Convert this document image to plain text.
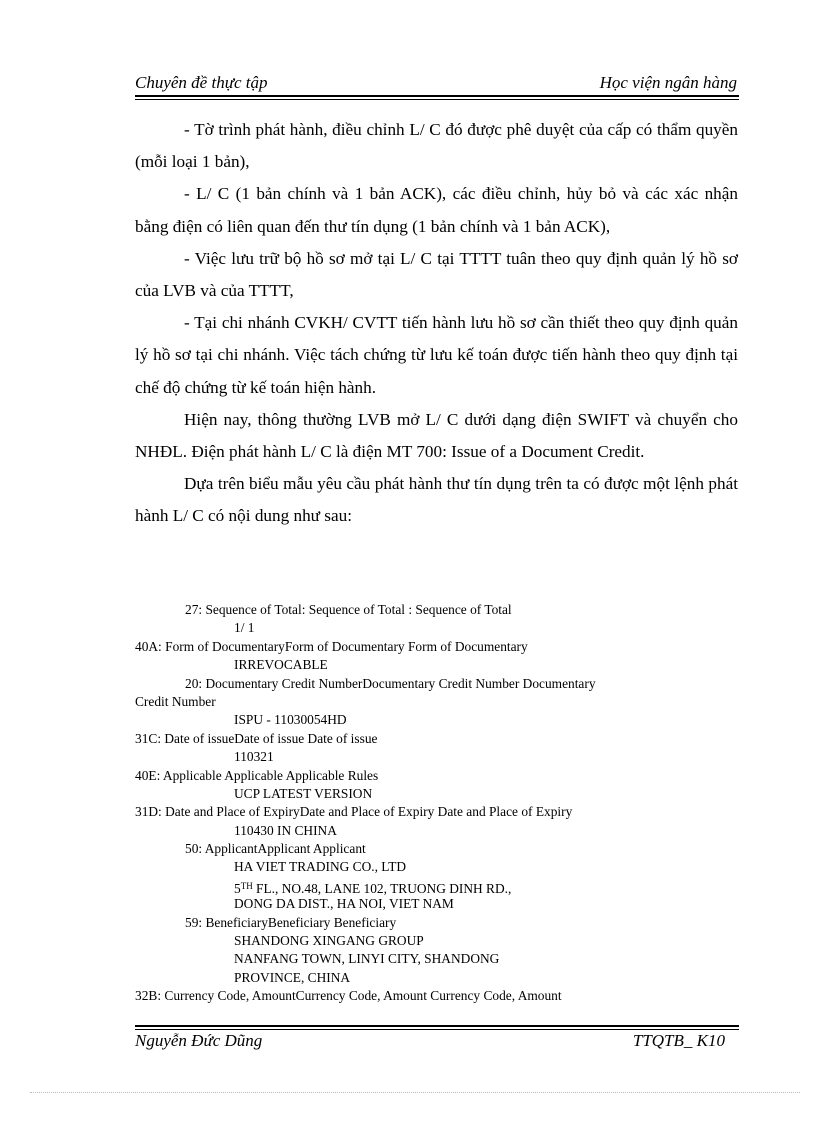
Chuyên đề thực tập	Học viện ngân hàng

- Tờ trình phát hành, điều chỉnh L/ C đó được phê duyệt của cấp có thẩm quyền (mỗi loại 1 bản),

- L/ C (1 bản chính và 1 bản ACK), các điều chỉnh, hủy bỏ và các xác nhận bằng điện có liên quan đến thư tín dụng (1 bản chính và 1 bản ACK),

- Việc lưu trữ bộ hồ sơ mở tại L/ C tại TTTT tuân theo quy định quản lý hồ sơ của LVB và của TTTT,

- Tại chi nhánh CVKH/ CVTT tiến hành lưu hồ sơ cần thiết theo quy định quản lý hồ sơ tại chi nhánh. Việc tách chứng từ lưu kế toán được tiến hành theo quy định tại chế độ chứng từ kế toán hiện hành.

Hiện nay, thông thường LVB mở L/ C dưới dạng điện SWIFT và chuyển cho NHĐL. Điện phát hành L/ C là điện MT 700: Issue of a Document Credit.

Dựa trên biểu mẫu yêu cầu phát hành thư tín dụng trên ta có được một lệnh phát hành L/ C có nội dung như sau:

27: Sequence of Total: Sequence of Total : Sequence of Total
1/ 1
40A: Form of DocumentaryForm of Documentary Form of Documentary
IRREVOCABLE
20: Documentary Credit NumberDocumentary Credit Number Documentary
Credit Number
ISPU - 11030054HD
31C: Date of issueDate of issue Date of issue
110321
40E: Applicable Applicable Applicable Rules
UCP LATEST VERSION
31D: Date and Place of ExpiryDate and Place of Expiry Date and Place of Expiry
110430 IN CHINA
50: ApplicantApplicant Applicant
HA VIET TRADING CO., LTD
5TH FL., NO.48, LANE 102, TRUONG DINH RD.,
DONG DA DIST., HA NOI, VIET NAM
59: BeneficiaryBeneficiary Beneficiary
SHANDONG XINGANG GROUP
NANFANG TOWN, LINYI CITY, SHANDONG
PROVINCE, CHINA
32B: Currency Code, AmountCurrency Code, Amount Currency Code, Amount
Nguyễn Đức Dũng	TTQTB_ K10
